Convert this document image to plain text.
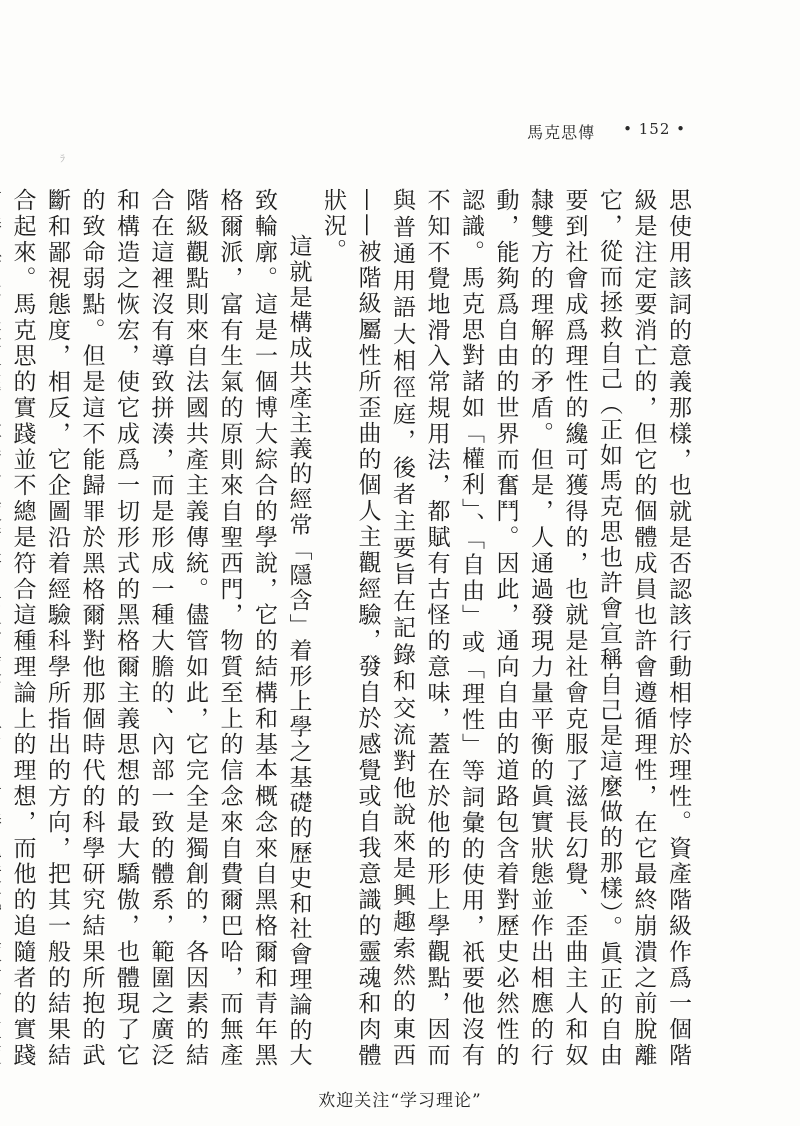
ﾗ
馬克思傳 • 152 •

思使用該詞的意義那樣，也就是否認該行動相悖於理性。資產階級作爲一個階級是注定要消亡的，但它的個體成員也許會遵循理性，在它最終崩潰之前脫離它，從而拯救自己（正如馬克思也許會宣稱自己是這麼做的那樣）。眞正的自由要到社會成爲理性的纔可獲得的，也就是社會克服了滋長幻覺、歪曲主人和奴隸雙方的理解的矛盾。但是，人通過發現力量平衡的眞實狀態並作出相應的行動，能夠爲自由的世界而奮鬥。因此，通向自由的道路包含着對歷史必然性的認識。馬克思對諸如「權利」、「自由」或「理性」等詞彙的使用，祇要他沒有不知不覺地滑入常規用法，都賦有古怪的意味，蓋在於他的形上學觀點，因而與普通用語大相徑庭，後者主要旨在記錄和交流對他說來是興趣索然的東西——被階級屬性所歪曲的個人主觀經驗，發自於感覺或自我意識的靈魂和肉體狀況。

這就是構成共產主義的經常「隱含」着形上學之基礎的歷史和社會理論的大致輪廓。這是一個博大綜合的學說，它的結構和基本概念來自黑格爾和青年黑格爾派，富有生氣的原則來自聖西門，物質至上的信念來自費爾巴哈，而無產階級觀點則來自法國共產主義傳統。儘管如此，它完全是獨創的，各因素的結合在這裡沒有導致拼湊，而是形成一種大膽的、內部一致的體系，範圍之廣泛和構造之恢宏，使它成爲一切形式的黑格爾主義思想的最大驕傲，也體現了它的致命弱點。但是這不能歸罪於黑格爾對他那個時代的科學研究結果所抱的武斷和鄙視態度，相反，它企圖沿着經驗科學所指出的方向，把其一般的結果結合起來。馬克思的實踐並不總是符合這種理論上的理想，而他的追隨者的實踐

欢迎关注“学习理论”
